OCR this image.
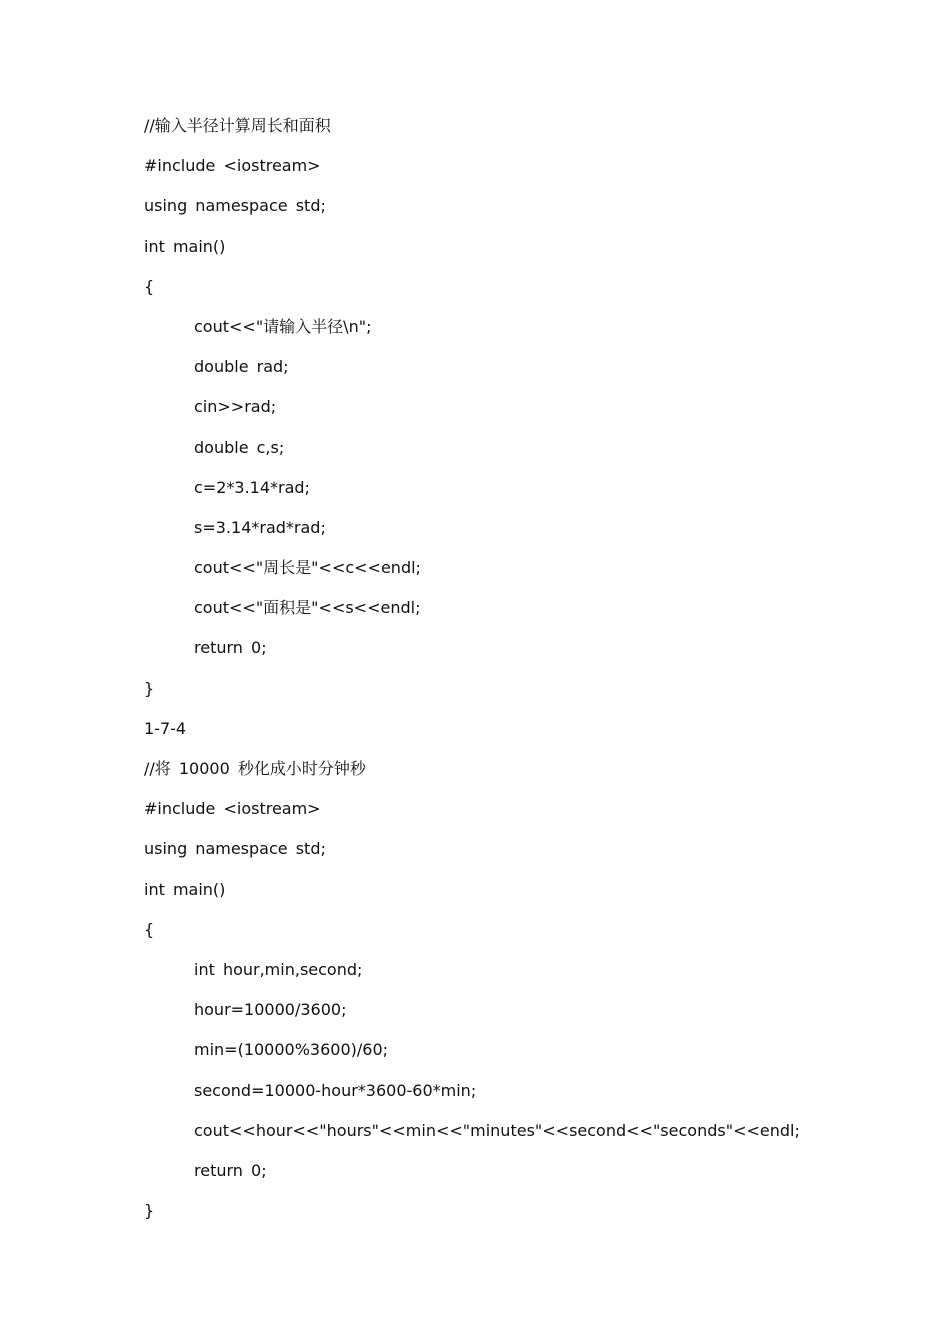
//输入半径计算周长和面积
#include <iostream>
using namespace std;
int main()
{
cout<<"请输入半径\n";
double rad;
cin>>rad;
double c,s;
c=2*3.14*rad;
s=3.14*rad*rad;
cout<<"周长是"<<c<<endl;
cout<<"面积是"<<s<<endl;
return 0;
}
1-7-4
//将 10000 秒化成小时分钟秒
#include <iostream>
using namespace std;
int main()
{
int hour,min,second;
hour=10000/3600;
min=(10000%3600)/60;
second=10000-hour*3600-60*min;
cout<<hour<<"hours"<<min<<"minutes"<<second<<"seconds"<<endl;
return 0;
}
